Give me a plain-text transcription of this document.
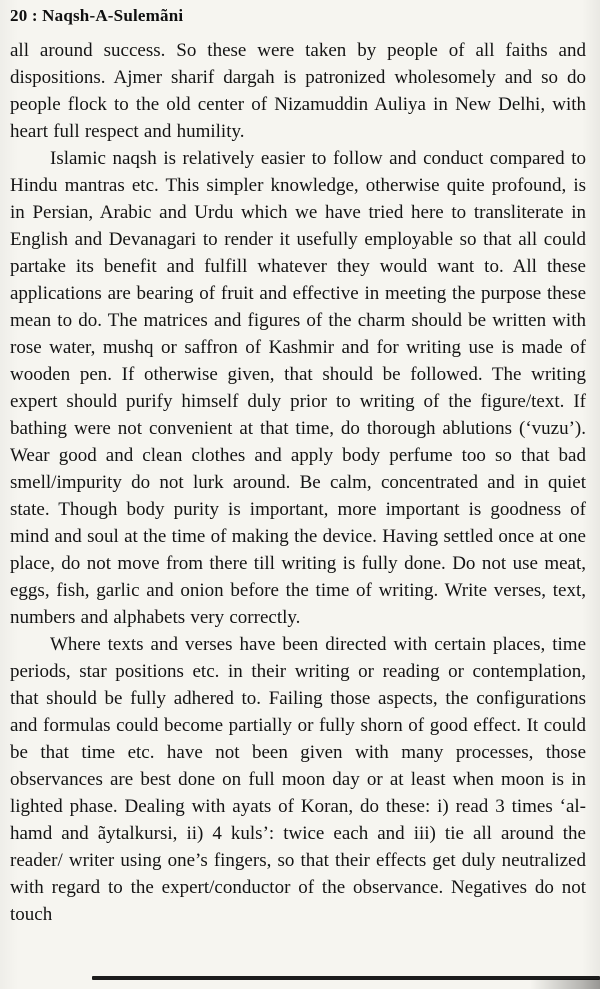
20 : Naqsh-A-Sulemãni

all around success. So these were taken by people of all faiths and dispositions. Ajmer sharif dargah is patronized wholesomely and so do people flock to the old center of Nizamuddin Auliya in New Delhi, with heart full respect and humility.

Islamic naqsh is relatively easier to follow and conduct compared to Hindu mantras etc. This simpler knowledge, otherwise quite profound, is in Persian, Arabic and Urdu which we have tried here to transliterate in English and Devanagari to render it usefully employable so that all could partake its benefit and fulfill whatever they would want to. All these applications are bearing of fruit and effective in meeting the purpose these mean to do. The matrices and figures of the charm should be written with rose water, mushq or saffron of Kashmir and for writing use is made of wooden pen. If otherwise given, that should be followed. The writing expert should purify himself duly prior to writing of the figure/text. If bathing were not convenient at that time, do thorough ablutions (‘vuzu’). Wear good and clean clothes and apply body perfume too so that bad smell/impurity do not lurk around. Be calm, concentrated and in quiet state. Though body purity is important, more important is goodness of mind and soul at the time of making the device. Having settled once at one place, do not move from there till writing is fully done. Do not use meat, eggs, fish, garlic and onion before the time of writing. Write verses, text, numbers and alphabets very correctly.

Where texts and verses have been directed with certain places, time periods, star positions etc. in their writing or reading or contemplation, that should be fully adhered to. Failing those aspects, the configurations and formulas could become partially or fully shorn of good effect. It could be that time etc. have not been given with many processes, those observances are best done on full moon day or at least when moon is in lighted phase. Dealing with ayats of Koran, do these: i) read 3 times ‘al-hamd and ãytalkursi, ii) 4 kuls’: twice each and iii) tie all around the reader/ writer using one’s fingers, so that their effects get duly neutralized with regard to the expert/conductor of the observance. Negatives do not touch
